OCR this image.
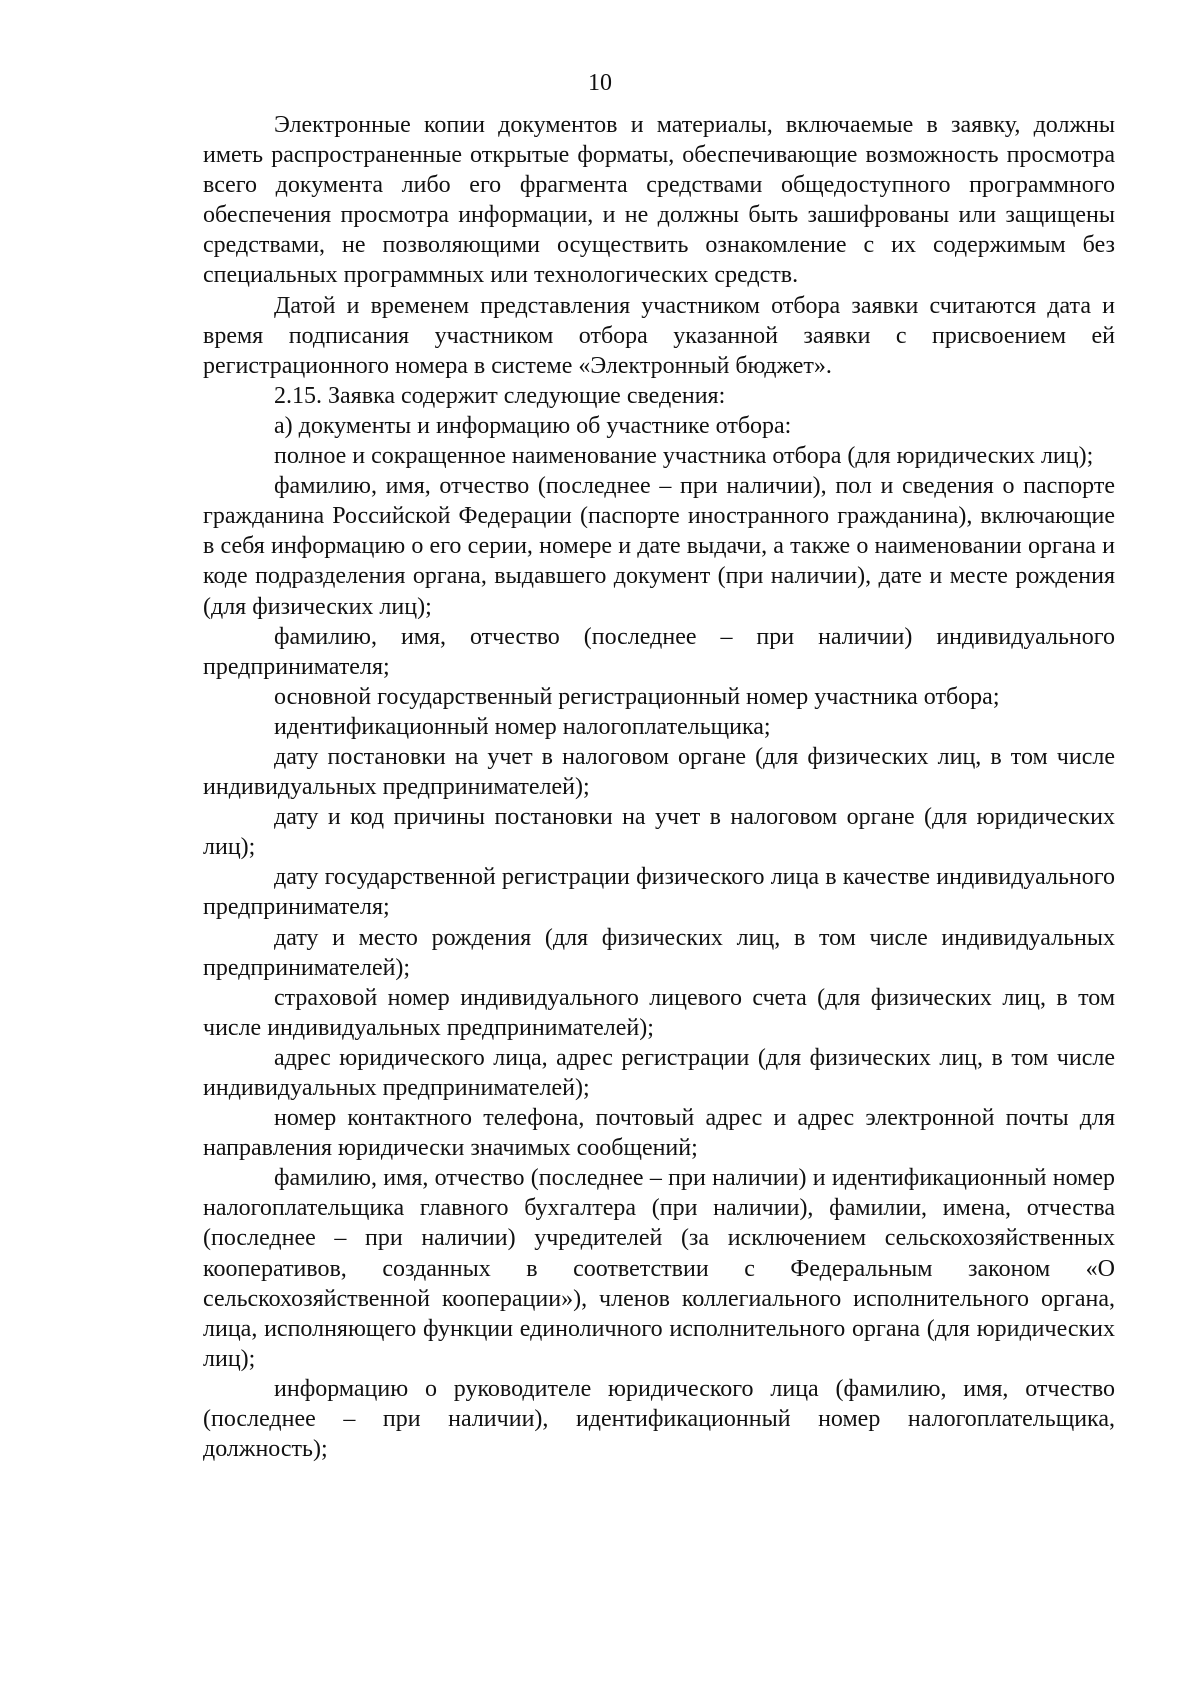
10

Электронные копии документов и материалы, включаемые в заявку, должны иметь распространенные открытые форматы, обеспечивающие возможность просмотра всего документа либо его фрагмента средствами общедоступного программного обеспечения просмотра информации, и не должны быть зашифрованы или защищены средствами, не позволяющими осуществить ознакомление с их содержимым без специальных программных или технологических средств.

Датой и временем представления участником отбора заявки считаются дата и время подписания участником отбора указанной заявки с присвоением ей регистрационного номера в системе «Электронный бюджет».

2.15. Заявка содержит следующие сведения:

а) документы и информацию об участнике отбора:

полное и сокращенное наименование участника отбора (для юридических лиц);

фамилию, имя, отчество (последнее – при наличии), пол и сведения о паспорте гражданина Российской Федерации (паспорте иностранного гражданина), включающие в себя информацию о его серии, номере и дате выдачи, а также о наименовании органа и коде подразделения органа, выдавшего документ (при наличии), дате и месте рождения (для физических лиц);

фамилию, имя, отчество (последнее – при наличии) индивидуального предпринимателя;

основной государственный регистрационный номер участника отбора;

идентификационный номер налогоплательщика;

дату постановки на учет в налоговом органе (для физических лиц, в том числе индивидуальных предпринимателей);

дату и код причины постановки на учет в налоговом органе (для юридических лиц);

дату государственной регистрации физического лица в качестве индивидуального предпринимателя;

дату и место рождения (для физических лиц, в том числе индивидуальных предпринимателей);

страховой номер индивидуального лицевого счета (для физических лиц, в том числе индивидуальных предпринимателей);

адрес юридического лица, адрес регистрации (для физических лиц, в том числе индивидуальных предпринимателей);

номер контактного телефона, почтовый адрес и адрес электронной почты для направления юридически значимых сообщений;

фамилию, имя, отчество (последнее – при наличии) и идентификационный номер налогоплательщика главного бухгалтера (при наличии), фамилии, имена, отчества (последнее – при наличии) учредителей (за исключением сельскохозяйственных кооперативов, созданных в соответствии с Федеральным законом «О сельскохозяйственной кооперации»), членов коллегиального исполнительного органа, лица, исполняющего функции единоличного исполнительного органа (для юридических лиц);

информацию о руководителе юридического лица (фамилию, имя, отчество (последнее – при наличии), идентификационный номер налогоплательщика, должность);
